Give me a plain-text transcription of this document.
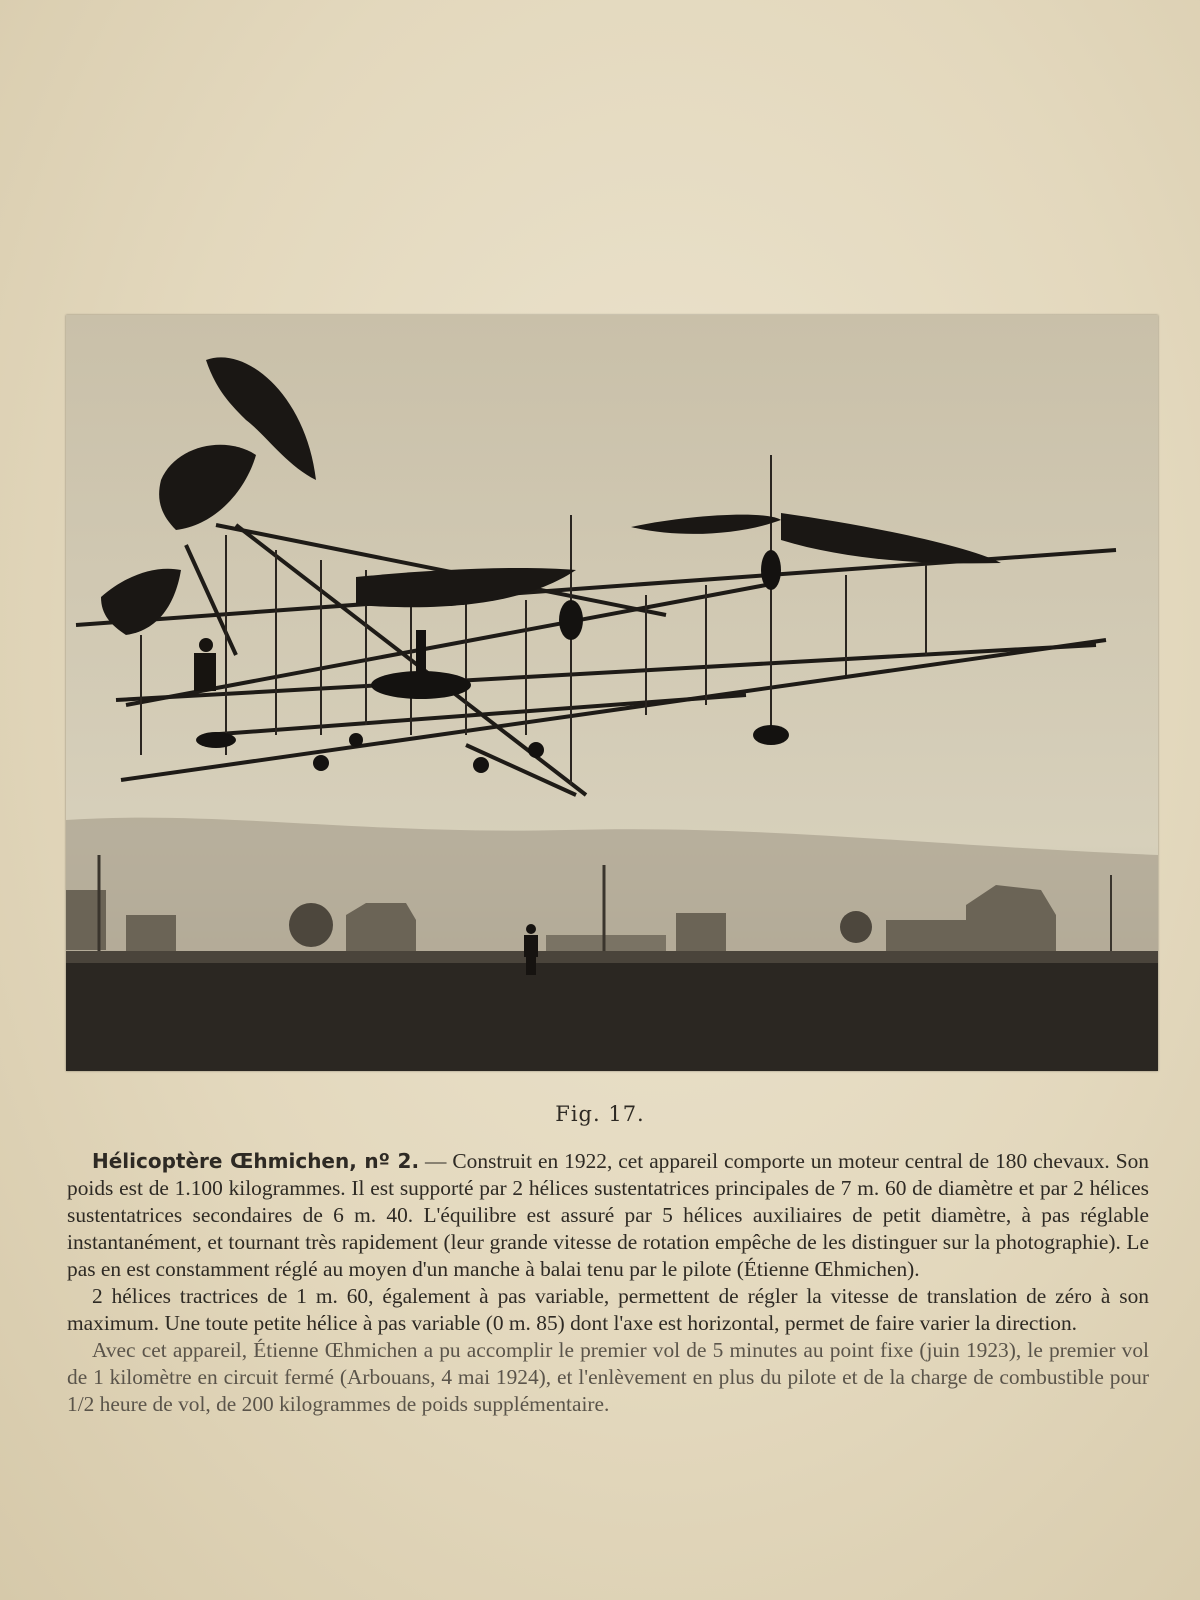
Fig. 17.

Hélicoptère Œhmichen, nº 2. — Construit en 1922, cet appareil comporte un moteur central de 180 chevaux. Son poids est de 1.100 kilogrammes. Il est supporté par 2 hélices sustentatrices principales de 7 m. 60 de diamètre et par 2 hélices sustentatrices secondaires de 6 m. 40. L'équilibre est assuré par 5 hélices auxiliaires de petit diamètre, à pas réglable instantanément, et tournant très rapidement (leur grande vitesse de rotation empêche de les distinguer sur la photographie). Le pas en est constamment réglé au moyen d'un manche à balai tenu par le pilote (Étienne Œhmichen).

2 hélices tractrices de 1 m. 60, également à pas variable, permettent de régler la vitesse de translation de zéro à son maximum. Une toute petite hélice à pas variable (0 m. 85) dont l'axe est horizontal, permet de faire varier la direction.

Avec cet appareil, Étienne Œhmichen a pu accomplir le premier vol de 5 minutes au point fixe (juin 1923), le premier vol de 1 kilomètre en circuit fermé (Arbouans, 4 mai 1924), et l'enlèvement en plus du pilote et de la charge de combustible pour 1/2 heure de vol, de 200 kilogrammes de poids supplémentaire.
